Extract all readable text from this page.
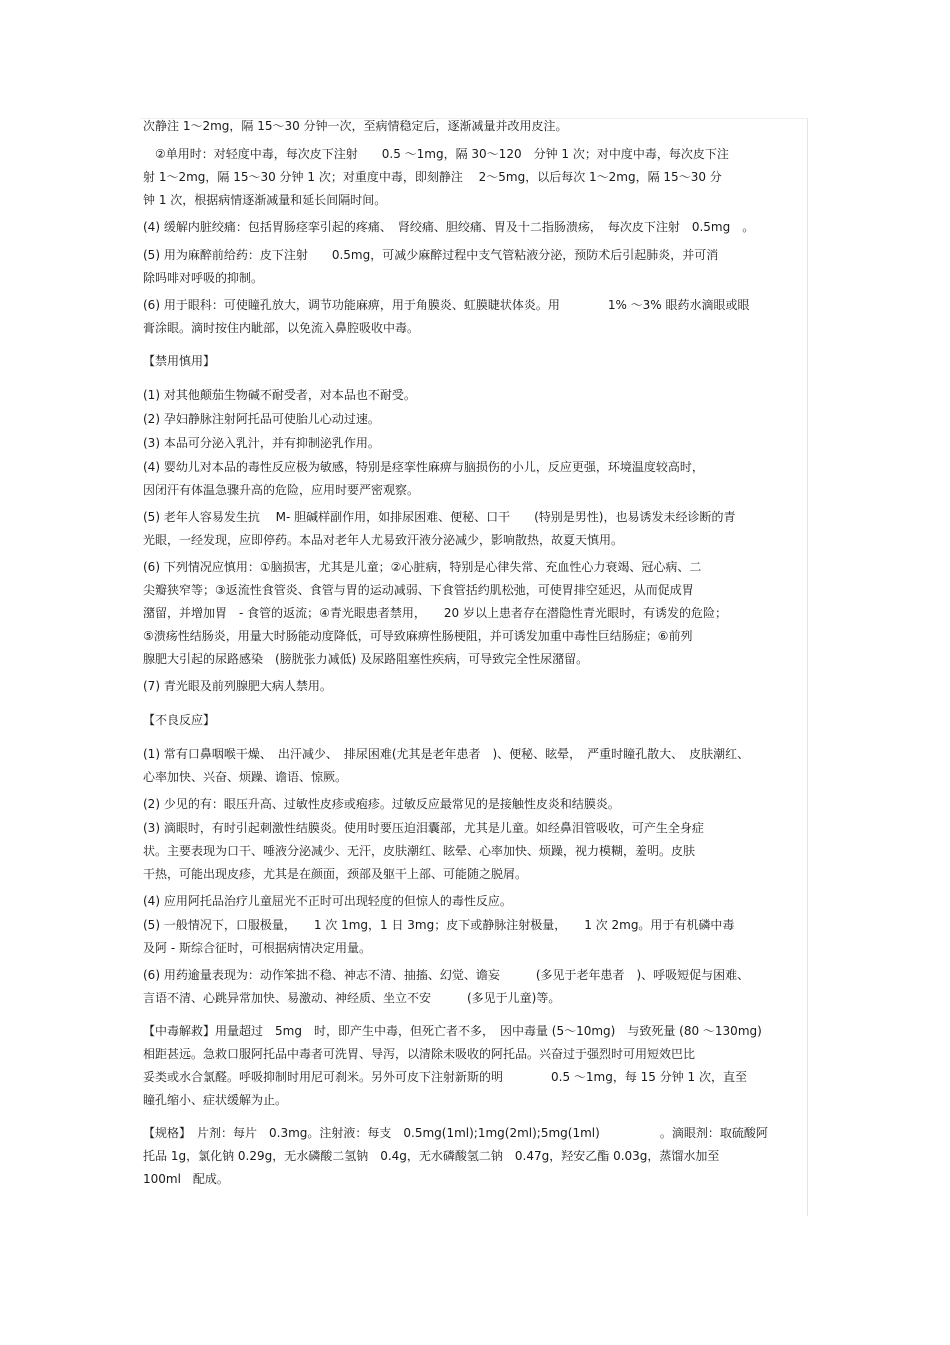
次静注 1～2mg，隔 15～30 分钟一次，至病情稳定后，逐渐减量并改用皮注。
　②单用时：对轻度中毒，每次皮下注射　　0.5 ～1mg，隔 30～120　分钟 1 次；对中度中毒，每次皮下注
射 1～2mg，隔 15～30 分钟 1 次；对重度中毒，即刻静注　 2～5mg，以后每次 1～2mg，隔 15～30 分
钟 1 次，根据病情逐渐减量和延长间隔时间。
(4) 缓解内脏绞痛：包括胃肠痉挛引起的疼痛、　肾绞痛、胆绞痛、胃及十二指肠溃疡，　每次皮下注射　0.5mg　。
(5) 用为麻醉前给药：皮下注射　　0.5mg，可减少麻醉过程中支气管粘液分泌，预防术后引起肺炎，并可消
除吗啡对呼吸的抑制。
(6) 用于眼科：可使瞳孔放大，调节功能麻痹，用于角膜炎、虹膜睫状体炎。用　　　　1% ～3% 眼药水滴眼或眼
膏涂眼。滴时按住内眦部，以免流入鼻腔吸收中毒。
【禁用慎用】
(1) 对其他颠茄生物碱不耐受者，对本品也不耐受。
(2) 孕妇静脉注射阿托品可使胎儿心动过速。
(3) 本品可分泌入乳汁，并有抑制泌乳作用。
(4) 婴幼儿对本品的毒性反应极为敏感，特别是痉挛性麻痹与脑损伤的小儿，反应更强，环境温度较高时，
因闭汗有体温急骤升高的危险，应用时要严密观察。
(5) 老年人容易发生抗　 M- 胆碱样副作用，如排尿困难、便秘、口干　　(特别是男性)，也易诱发未经诊断的青
光眼，一经发现，应即停药。本品对老年人尤易致汗液分泌减少，影响散热，故夏天慎用。
(6) 下列情况应慎用：①脑损害，尤其是儿童；②心脏病，特别是心律失常、充血性心力衰竭、冠心病、二
尖瓣狭窄等；③返流性食管炎、食管与胃的运动减弱、下食管括约肌松弛，可使胃排空延迟，从而促成胃
潴留，并增加胃　- 食管的返流；④青光眼患者禁用，　　20 岁以上患者存在潜隐性青光眼时，有诱发的危险；
⑤溃疡性结肠炎，用量大时肠能动度降低，可导致麻痹性肠梗阻，并可诱发加重中毒性巨结肠症；⑥前列
腺肥大引起的尿路感染　(膀胱张力减低) 及尿路阻塞性疾病，可导致完全性尿潴留。
(7) 青光眼及前列腺肥大病人禁用。
【不良反应】
(1) 常有口鼻咽喉干燥、　出汗减少、　排尿困难(尤其是老年患者　)、便秘、眩晕，　严重时瞳孔散大、　皮肤潮红、
心率加快、兴奋、烦躁、谵语、惊厥。
(2) 少见的有：眼压升高、过敏性皮疹或疱疹。过敏反应最常见的是接触性皮炎和结膜炎。
(3) 滴眼时，有时引起刺激性结膜炎。使用时要压迫泪囊部，尤其是儿童。如经鼻泪管吸收，可产生全身症
状。主要表现为口干、唾液分泌减少、无汗，皮肤潮红、眩晕、心率加快、烦躁，视力模糊，羞明。皮肤
干热，可能出现皮疹，尤其是在颜面，颈部及躯干上部、可能随之脱屑。
(4) 应用阿托品治疗儿童屈光不正时可出现轻度的但惊人的毒性反应。
(5) 一般情况下，口服极量，　　1 次 1mg，1 日 3mg；皮下或静脉注射极量，　　1 次 2mg。用于有机磷中毒
及阿 - 斯综合征时，可根据病情决定用量。
(6) 用药逾量表现为：动作笨拙不稳、神志不清、抽搐、幻觉、谵妄　　　(多见于老年患者　)、呼吸短促与困难、
言语不清、心跳异常加快、易激动、神经质、坐立不安　　　(多见于儿童)等。
【中毒解救】用量超过　5mg　时，即产生中毒，但死亡者不多，　因中毒量 (5～10mg)　与致死量 (80 ～130mg)
相距甚远。急救口服阿托品中毒者可洗胃、导泻，以清除未吸收的阿托品。兴奋过于强烈时可用短效巴比
妥类或水合氯醛。呼吸抑制时用尼可刹米。另外可皮下注射新斯的明　　　　0.5 ～1mg，每 15 分钟 1 次，直至
瞳孔缩小、症状缓解为止。
【规格】　片剂：每片　0.3mg。注射液：每支　0.5mg(1ml);1mg(2ml);5mg(1ml)　　　　　。滴眼剂：取硫酸阿
托品 1g，氯化钠 0.29g，无水磷酸二氢钠　0.4g，无水磷酸氢二钠　0.47g，羟安乙酯 0.03g，蒸馏水加至
100ml　配成。
